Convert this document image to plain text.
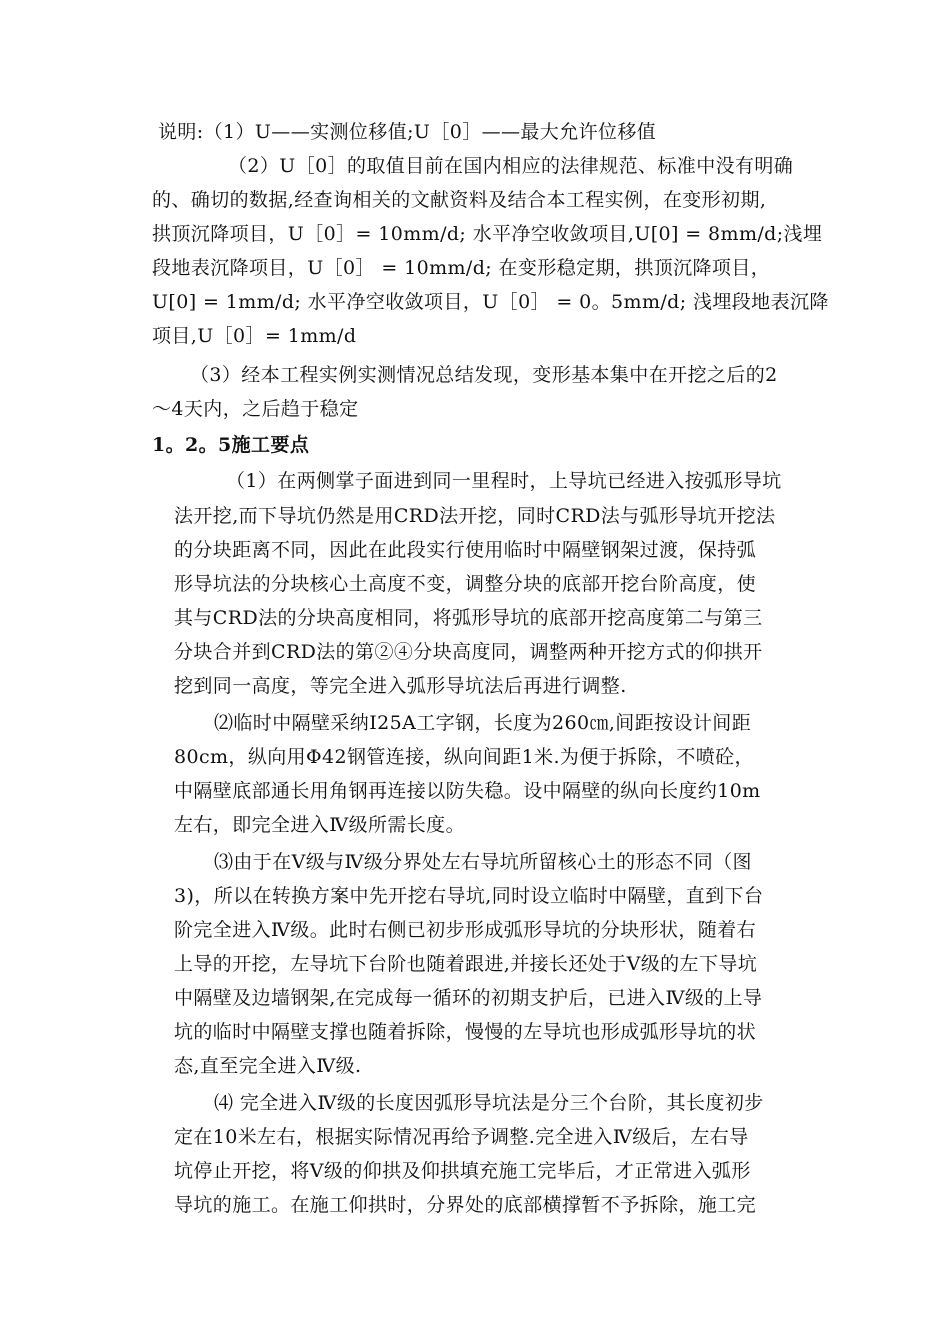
说明:（1）U——实测位移值;U［0］——最大允许位移值
（2）U［0］的取值目前在国内相应的法律规范、标准中没有明确
的、确切的数据,经查询相关的文献资料及结合本工程实例，在变形初期,
拱顶沉降项目，U［0］= 10mm/d; 水平净空收敛项目,U[0] = 8mm/d;浅埋
段地表沉降项目，U［0］ = 10mm/d; 在变形稳定期，拱顶沉降项目，
U[0] = 1mm/d; 水平净空收敛项目，U［0］ = 0。5mm/d; 浅埋段地表沉降
项目,U［0］= 1mm/d
（3）经本工程实例实测情况总结发现，变形基本集中在开挖之后的2
～4天内，之后趋于稳定
1。2。5施工要点
（1）在两侧掌子面进到同一里程时，上导坑已经进入按弧形导坑
法开挖,而下导坑仍然是用CRD法开挖，同时CRD法与弧形导坑开挖法
的分块距离不同，因此在此段实行使用临时中隔壁钢架过渡，保持弧
形导坑法的分块核心土高度不变，调整分块的底部开挖台阶高度，使
其与CRD法的分块高度相同，将弧形导坑的底部开挖高度第二与第三
分块合并到CRD法的第②④分块高度同，调整两种开挖方式的仰拱开
挖到同一高度，等完全进入弧形导坑法后再进行调整.
⑵临时中隔壁采纳Ⅰ25A工字钢，长度为260㎝,间距按设计间距
80cm，纵向用Φ42钢管连接，纵向间距1米.为便于拆除，不喷砼，
中隔壁底部通长用角钢再连接以防失稳。设中隔壁的纵向长度约10m
左右，即完全进入Ⅳ级所需长度。
⑶由于在Ⅴ级与Ⅳ级分界处左右导坑所留核心土的形态不同（图
3)，所以在转换方案中先开挖右导坑,同时设立临时中隔壁，直到下台
阶完全进入Ⅳ级。此时右侧已初步形成弧形导坑的分块形状，随着右
上导的开挖，左导坑下台阶也随着跟进,并接长还处于Ⅴ级的左下导坑
中隔壁及边墙钢架,在完成每一循环的初期支护后，已进入Ⅳ级的上导
坑的临时中隔壁支撑也随着拆除，慢慢的左导坑也形成弧形导坑的状
态,直至完全进入Ⅳ级.
⑷ 完全进入Ⅳ级的长度因弧形导坑法是分三个台阶，其长度初步
定在10米左右，根据实际情况再给予调整.完全进入Ⅳ级后，左右导
坑停止开挖，将Ⅴ级的仰拱及仰拱填充施工完毕后，才正常进入弧形
导坑的施工。在施工仰拱时，分界处的底部横撑暂不予拆除，施工完
